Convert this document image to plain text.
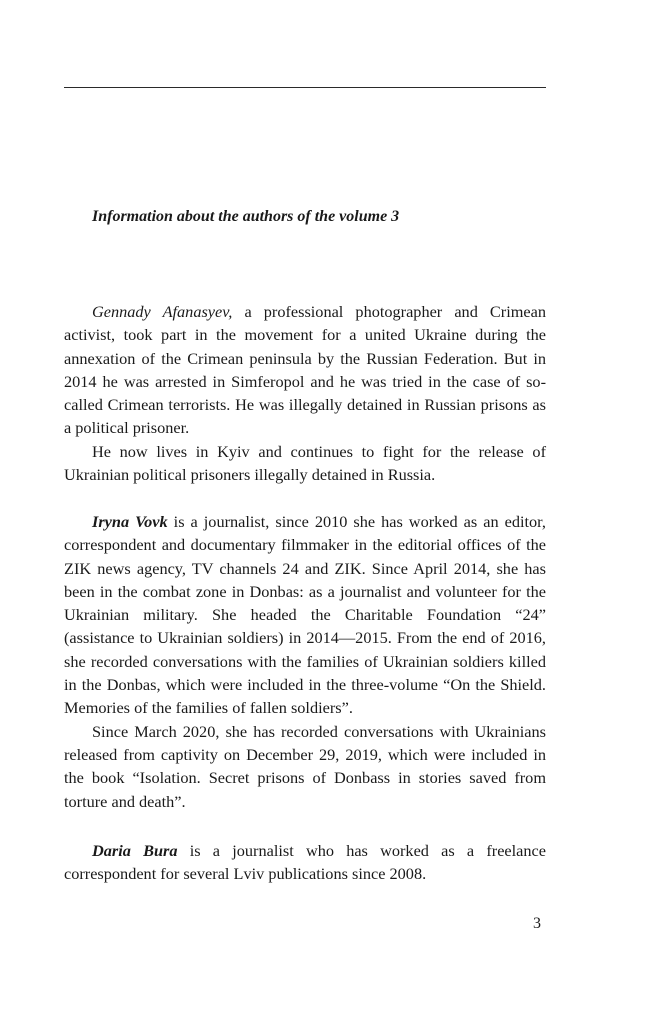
Information about the authors of the volume 3

Gennady Afanasyev, a professional photographer and Crimean activist, took part in the movement for a united Ukraine during the annexation of the Crimean peninsula by the Russian Federation. But in 2014 he was arrested in Simferopol and he was tried in the case of so-called Crimean terrorists. He was illegally detained in Russian prisons as a political prisoner.

He now lives in Kyiv and continues to fight for the release of Ukrainian political prisoners illegally detained in Russia.

Iryna Vovk is a journalist, since 2010 she has worked as an editor, correspondent and documentary filmmaker in the editorial offices of the ZIK news agency, TV channels 24 and ZIK. Since April 2014, she has been in the combat zone in Donbas: as a journalist and volunteer for the Ukrainian military. She headed the Charitable Foundation “24” (assistance to Ukrainian soldiers) in 2014—2015. From the end of 2016, she recorded conversations with the families of Ukrainian soldiers killed in the Donbas, which were included in the three-volume “On the Shield. Memories of the families of fallen soldiers”.

Since March 2020, she has recorded conversations with Ukrainians released from captivity on December 29, 2019, which were included in the book “Isolation. Secret prisons of Donbass in stories saved from torture and death”.

Daria Bura is a journalist who has worked as a freelance correspondent for several Lviv publications since 2008.

3
